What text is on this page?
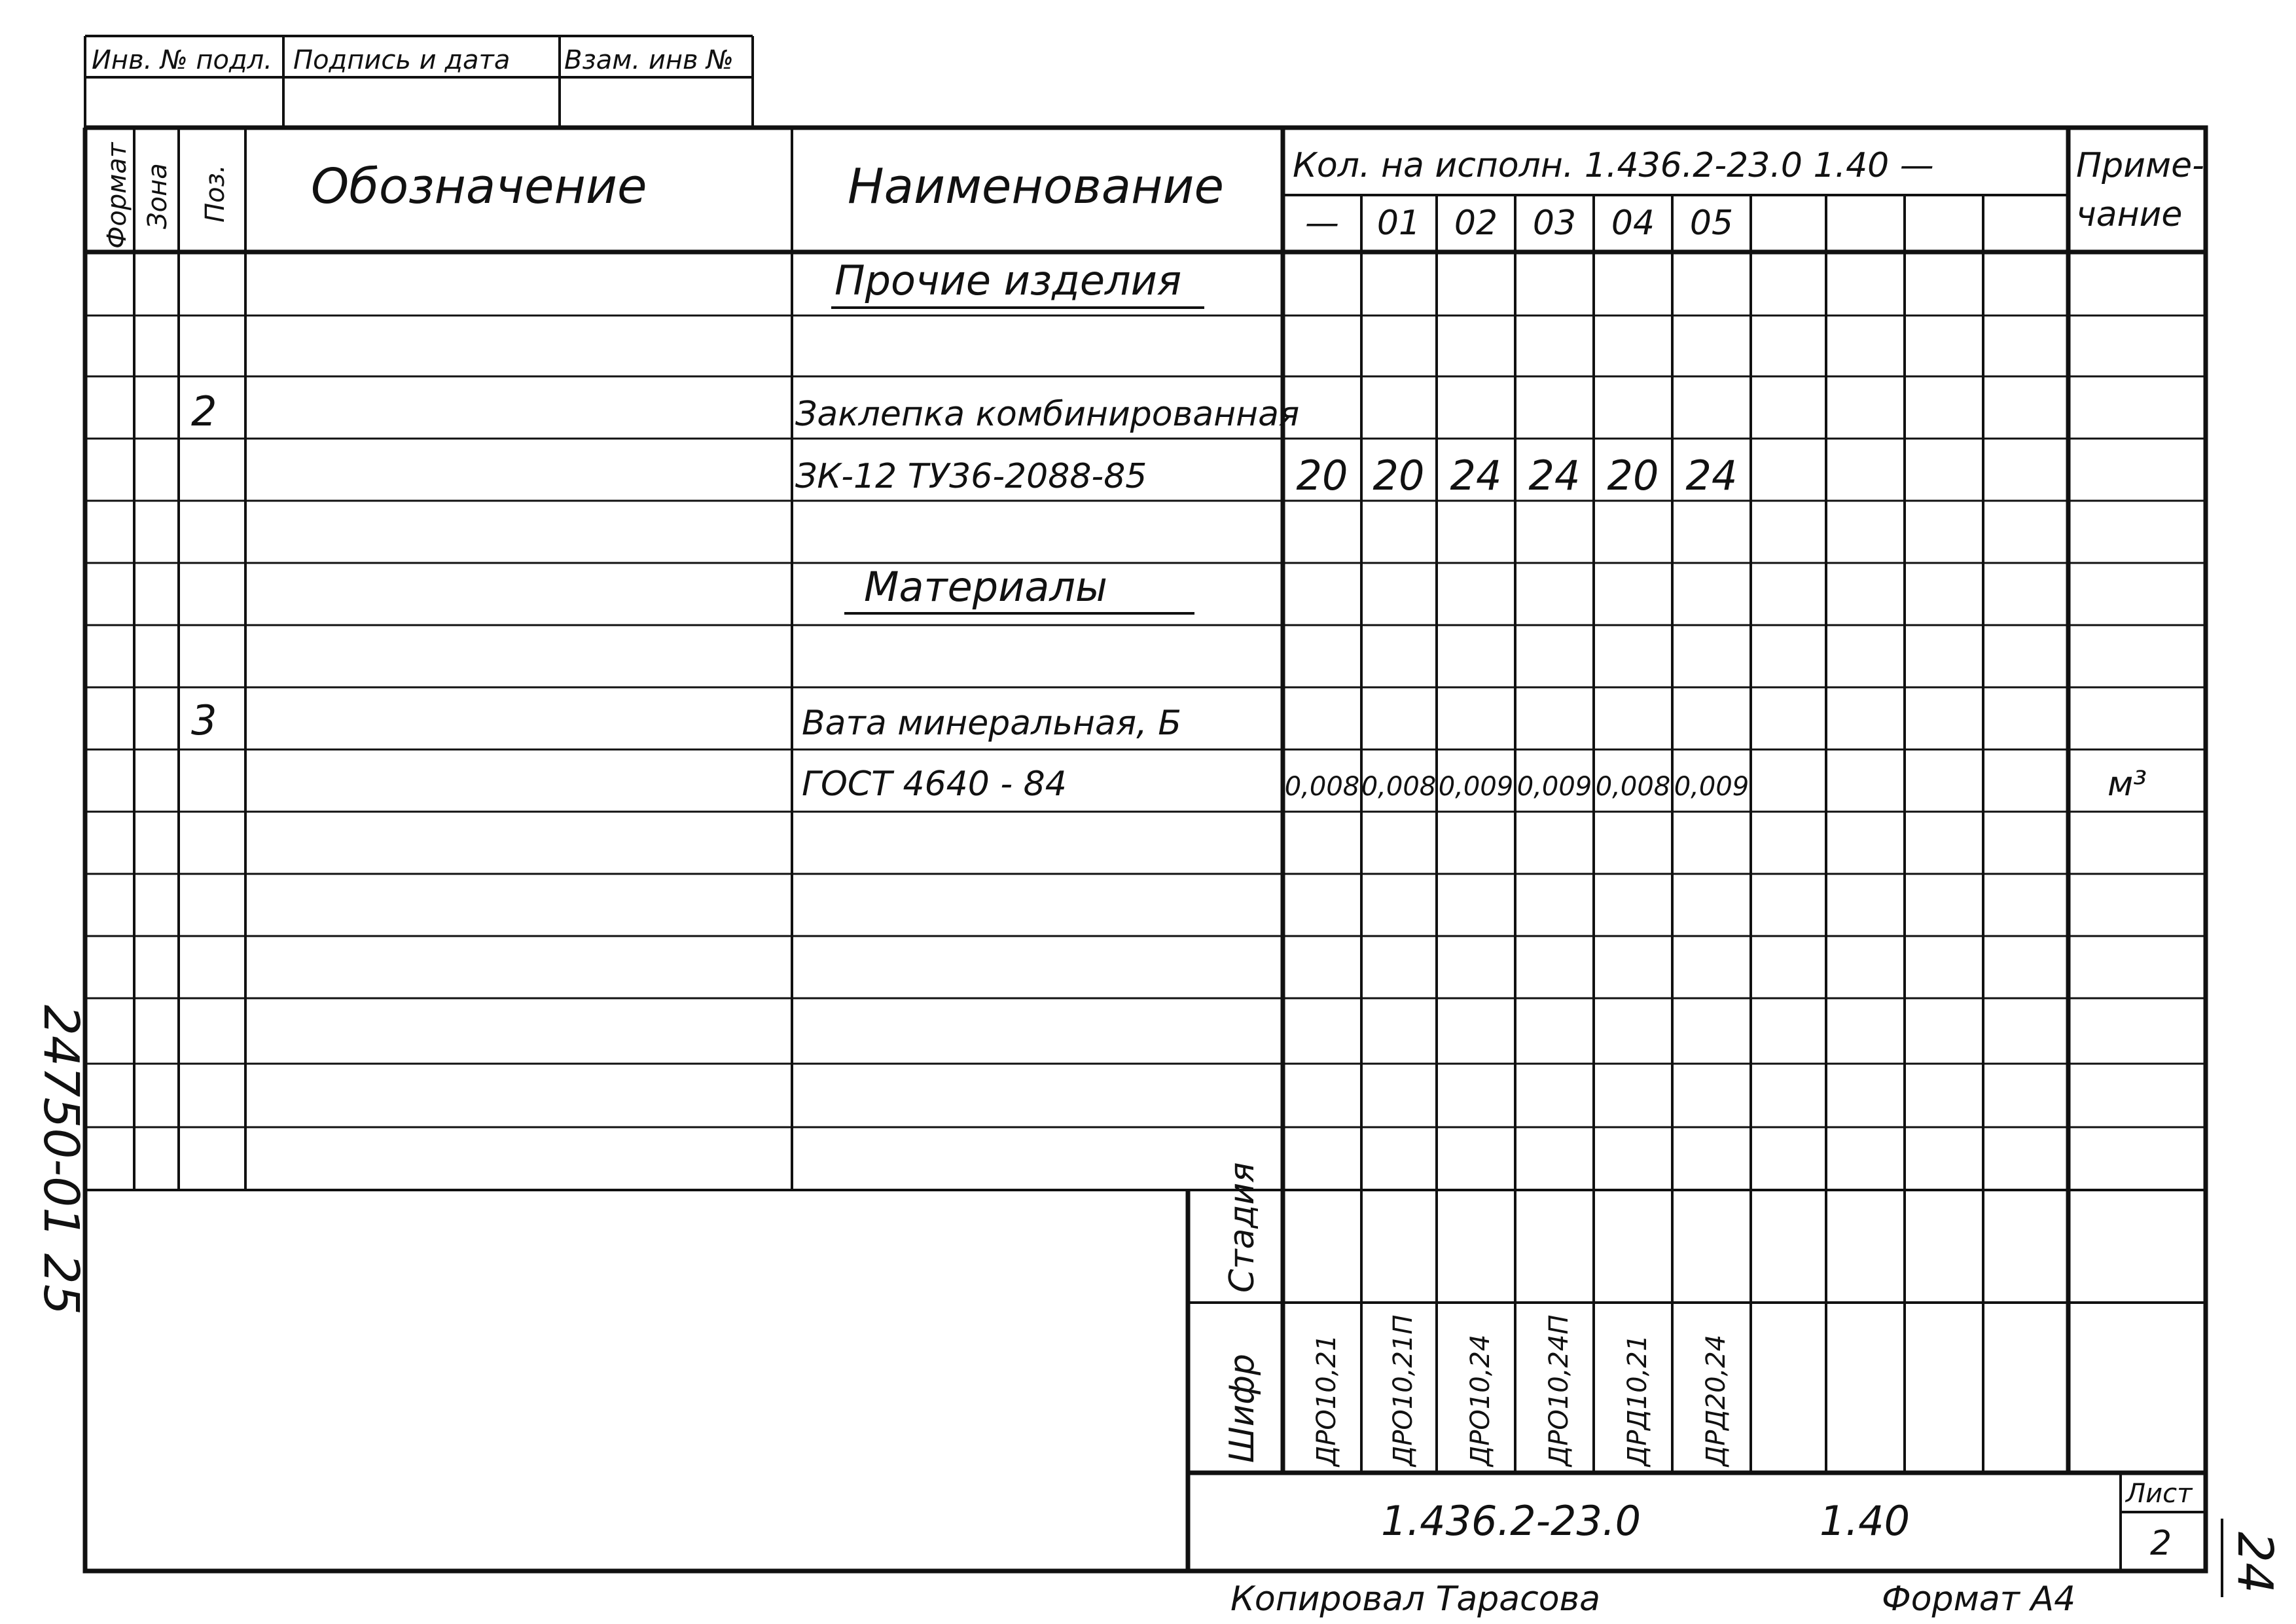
Инв. № подл. Подпись и дата Взам. инв №
Формат Зона Поз. Обозначение	Наименование Кол. на исполн. 1.436.2-23.0 1.40 —
— 01 02 03 04 05
Приме-
чание
Прочие изделия
2	Заклепка комбинированная
ЗК-12 ТУ36-2088-85	20 20 24 24 20 24
Материалы
3	Вата минеральная, Б
ГОСТ 4640 - 84	0,008 0,008 0,009 0,009 0,008 0,009	м³
Стадия
Шифр ДРО10,21 ДРО10,21П ДРО10,24 ДРО10,24П ДРД10,21 ДРД20,24
1.436.2-23.0	1.40
Лист
2
Копировал Тарасова	Формат А4
24750-01 25
24
